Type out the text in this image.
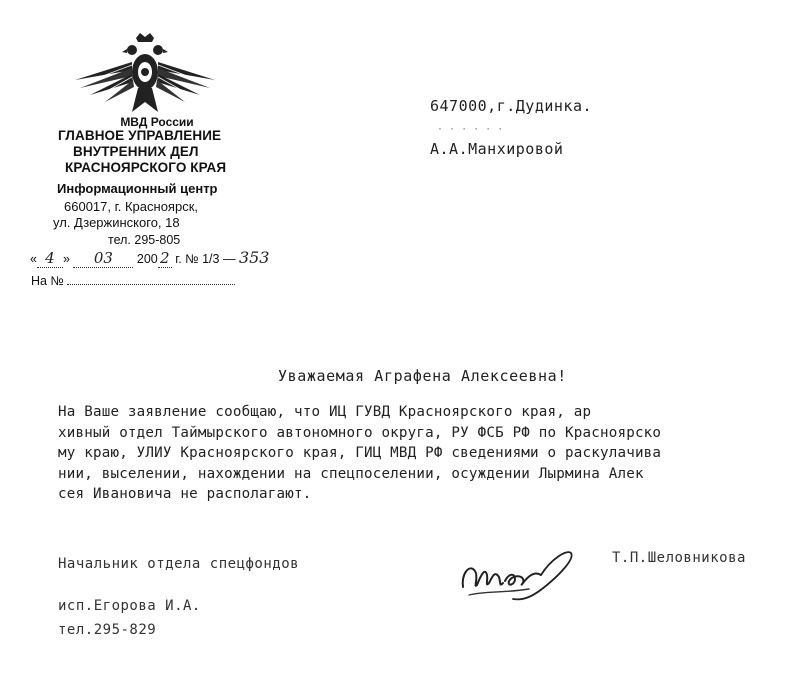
МВД России
ГЛАВНОЕ УПРАВЛЕНИЕ
ВНУТРЕННИХ ДЕЛ
КРАСНОЯРСКОГО КРАЯ
Информационный центр
660017, г. Красноярск,
ул. Дзержинского, 18
тел. 295-805
« 4 » 03 200 2 г. № 1/3 — 353
На №
647000,г.Дудинка.
· · · · · ·
А.А.Манхировой
Уважаемая Аграфена Алексеевна!
На Ваше заявление сообщаю, что ИЦ ГУВД Красноярского края, ар
хивный отдел Таймырского автономного округа, РУ ФСБ РФ по Красноярско
му краю, УЛИУ Красноярского края, ГИЦ МВД РФ сведениями о раскулачива
нии, выселении, нахождении на спецпоселении, осуждении Лырмина Алек
сея Ивановича не располагают.
Начальник отдела спецфондов	Т.П.Шеловникова
исп.Егорова И.А.
тел.295-829
